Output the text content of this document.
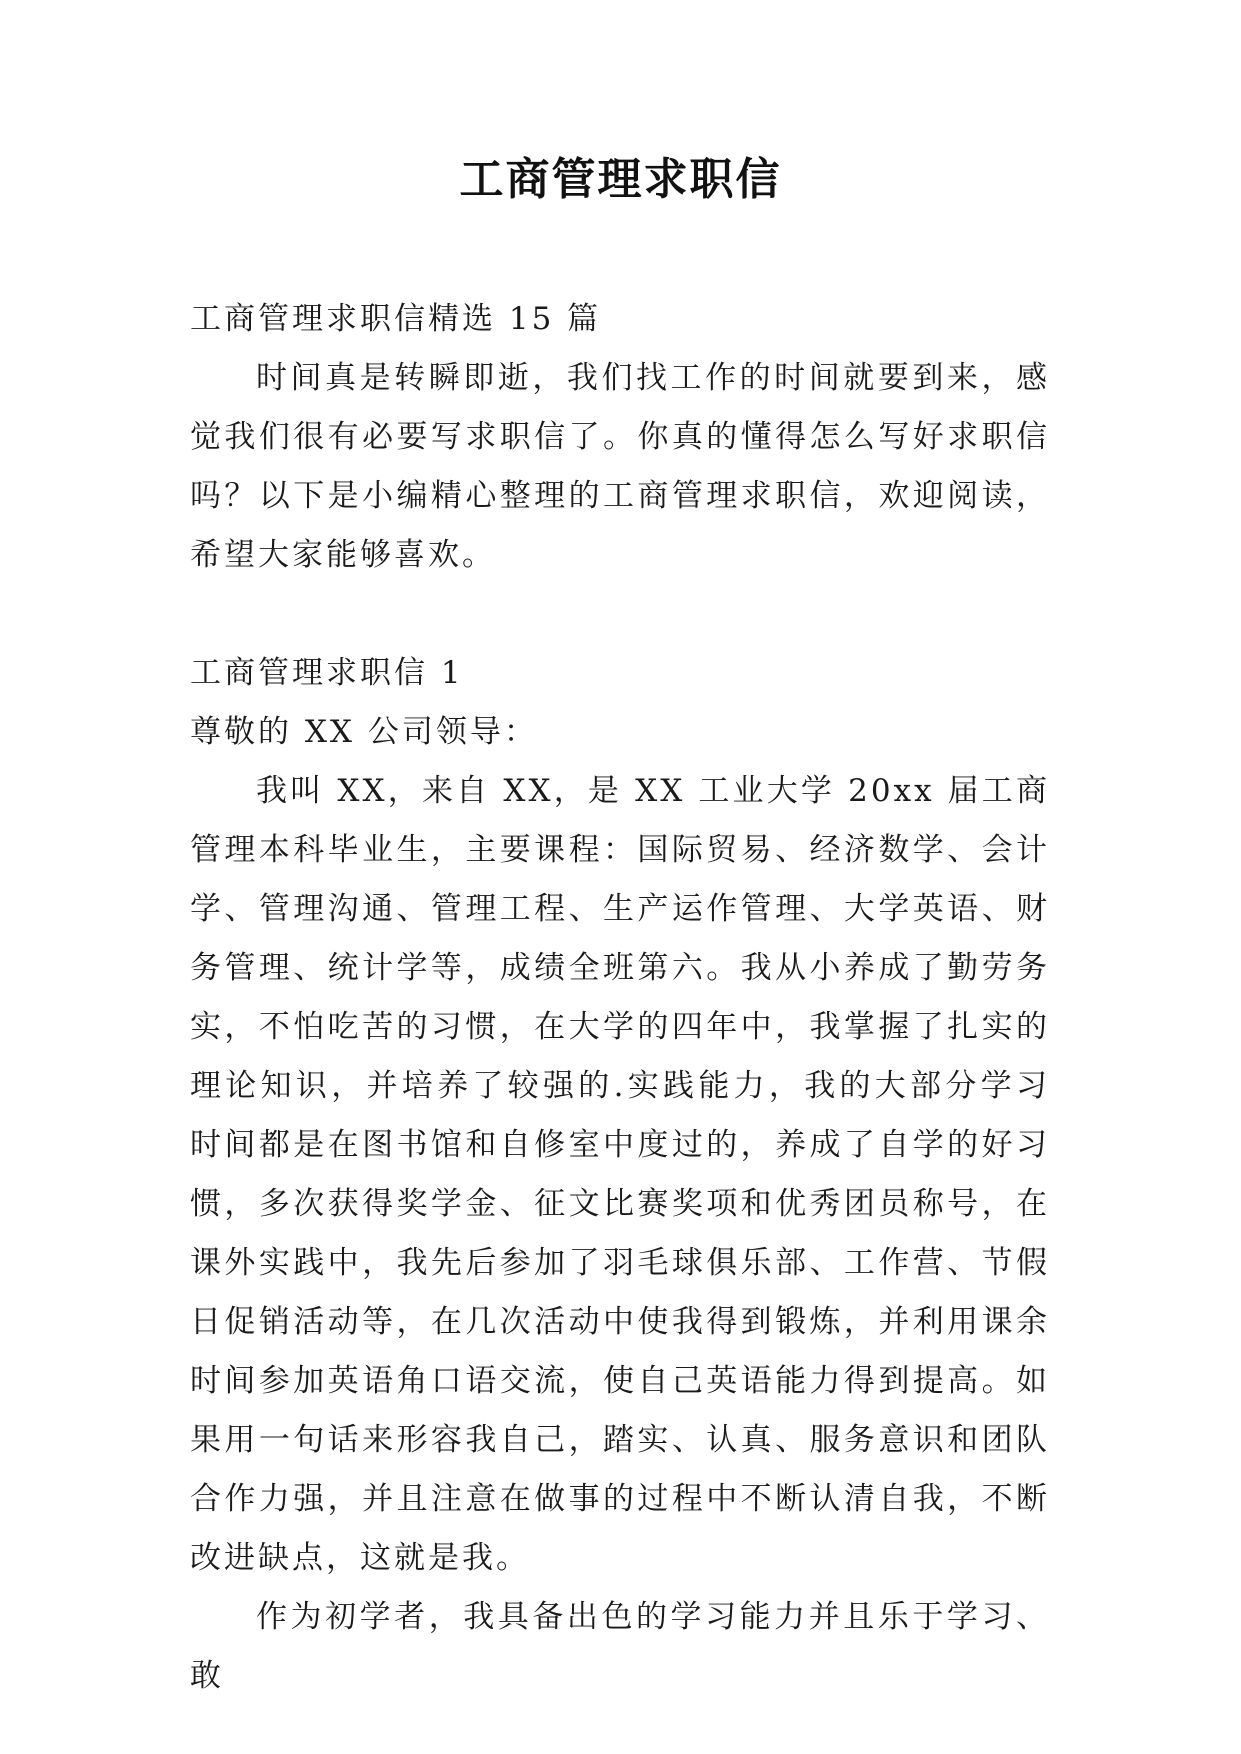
工商管理求职信

工商管理求职信精选 15 篇

时间真是转瞬即逝，我们找工作的时间就要到来，感觉我们很有必要写求职信了。你真的懂得怎么写好求职信吗？以下是小编精心整理的工商管理求职信，欢迎阅读，希望大家能够喜欢。

工商管理求职信 1

尊敬的 XX 公司领导：

我叫 XX，来自 XX，是 XX 工业大学 20xx 届工商管理本科毕业生，主要课程：国际贸易、经济数学、会计学、管理沟通、管理工程、生产运作管理、大学英语、财务管理、统计学等，成绩全班第六。我从小养成了勤劳务实，不怕吃苦的习惯，在大学的四年中，我掌握了扎实的理论知识，并培养了较强的.实践能力，我的大部分学习时间都是在图书馆和自修室中度过的，养成了自学的好习惯，多次获得奖学金、征文比赛奖项和优秀团员称号，在课外实践中，我先后参加了羽毛球俱乐部、工作营、节假日促销活动等，在几次活动中使我得到锻炼，并利用课余时间参加英语角口语交流，使自己英语能力得到提高。如果用一句话来形容我自己，踏实、认真、服务意识和团队合作力强，并且注意在做事的过程中不断认清自我，不断改进缺点，这就是我。

作为初学者，我具备出色的学习能力并且乐于学习、敢
